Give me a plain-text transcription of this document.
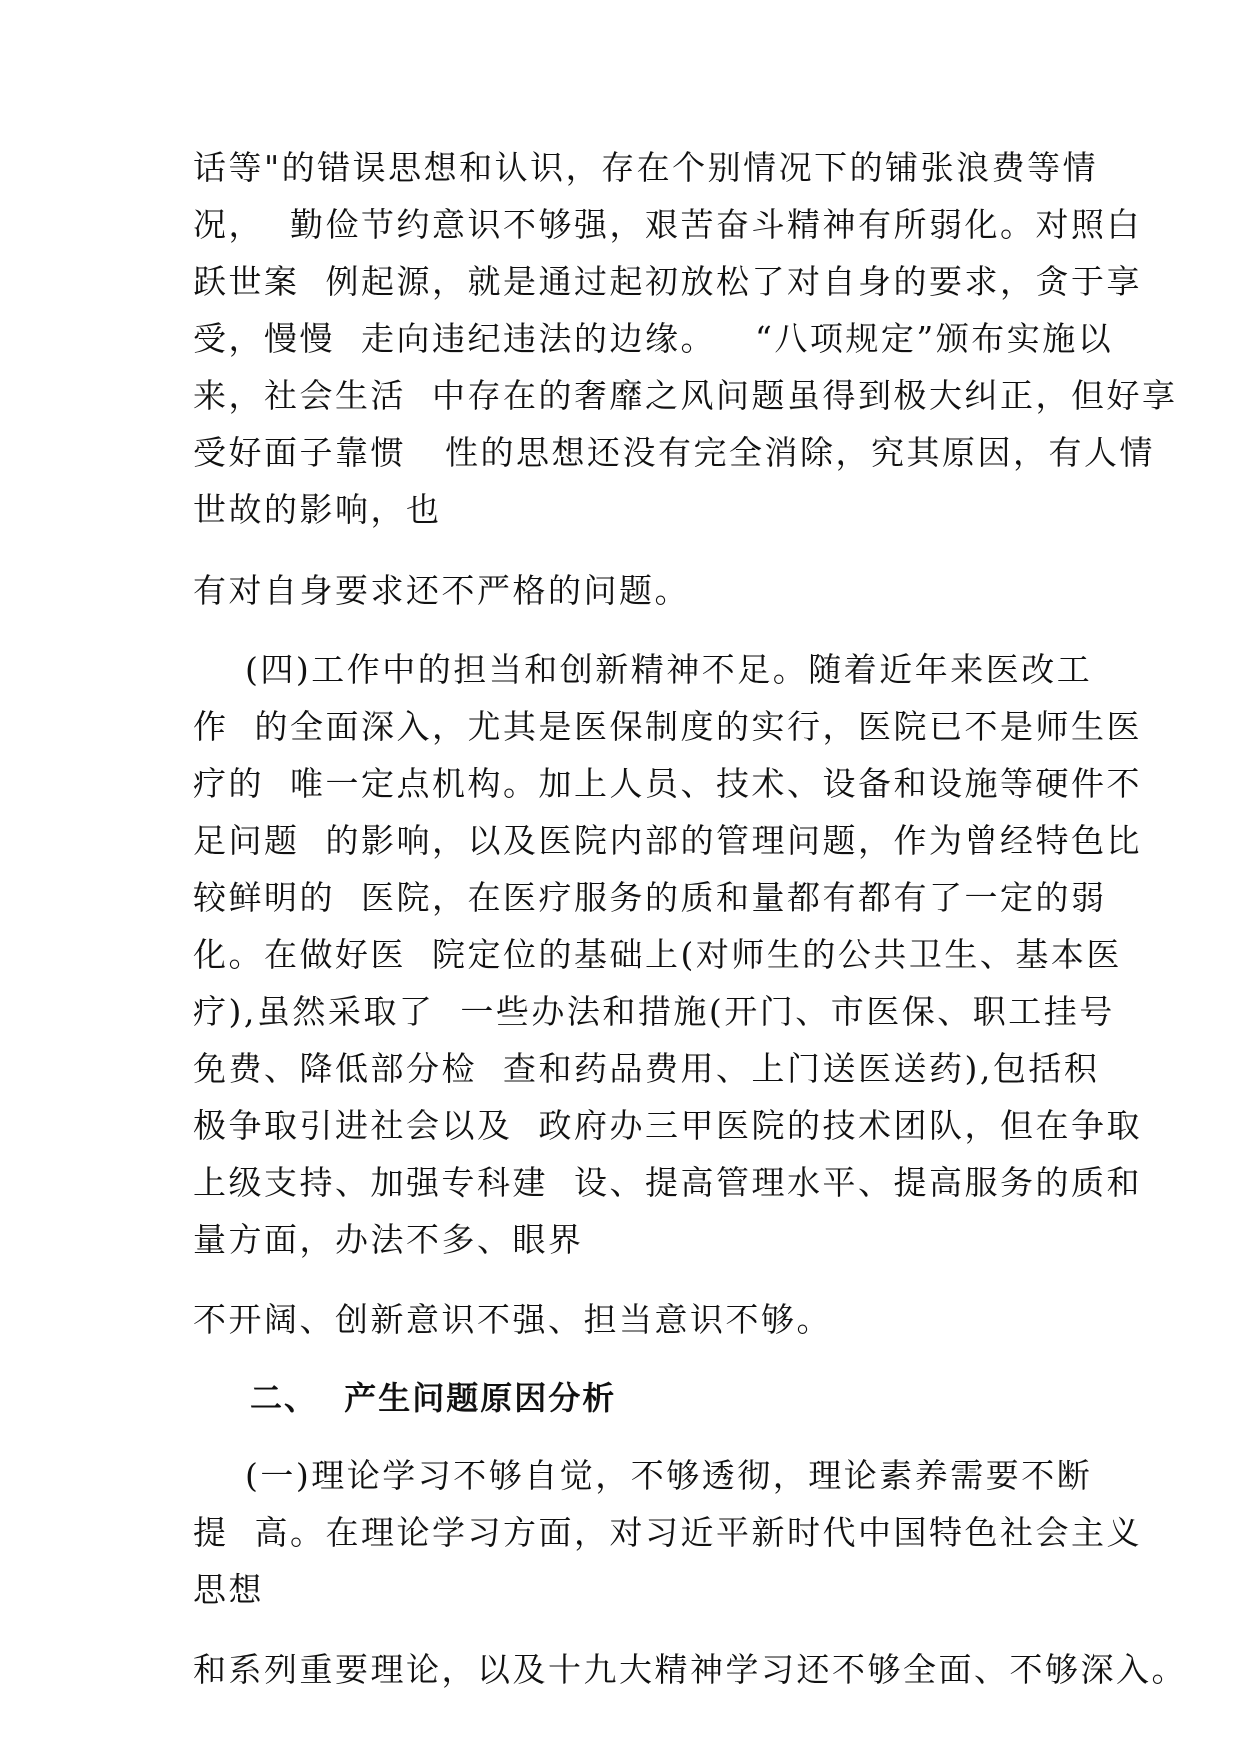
话等"的错误思想和认识，存在个别情况下的铺张浪费等情
况，  勤俭节约意识不够强，艰苦奋斗精神有所弱化。对照白
跃世案  例起源，就是通过起初放松了对自身的要求，贪于享
受，慢慢  走向违纪违法的边缘。   “八项规定”颁布实施以
来，社会生活  中存在的奢靡之风问题虽得到极大纠正，但好享
受好面子靠惯   性的思想还没有完全消除，究其原因，有人情
世故的影响，也
有对自身要求还不严格的问题。
(四)工作中的担当和创新精神不足。随着近年来医改工
作  的全面深入，尤其是医保制度的实行，医院已不是师生医
疗的  唯一定点机构。加上人员、技术、设备和设施等硬件不
足问题  的影响，以及医院内部的管理问题，作为曾经特色比
较鲜明的  医院，在医疗服务的质和量都有都有了一定的弱
化。在做好医  院定位的基础上(对师生的公共卫生、基本医
疗),虽然采取了  一些办法和措施(开门、市医保、职工挂号
免费、降低部分检  查和药品费用、上门送医送药),包括积
极争取引进社会以及  政府办三甲医院的技术团队，但在争取
上级支持、加强专科建  设、提高管理水平、提高服务的质和
量方面，办法不多、眼界
不开阔、创新意识不强、担当意识不够。
二、  产生问题原因分析
(一)理论学习不够自觉，不够透彻，理论素养需要不断
提  高。在理论学习方面，对习近平新时代中国特色社会主义
思想
和系列重要理论，以及十九大精神学习还不够全面、不够深入。
